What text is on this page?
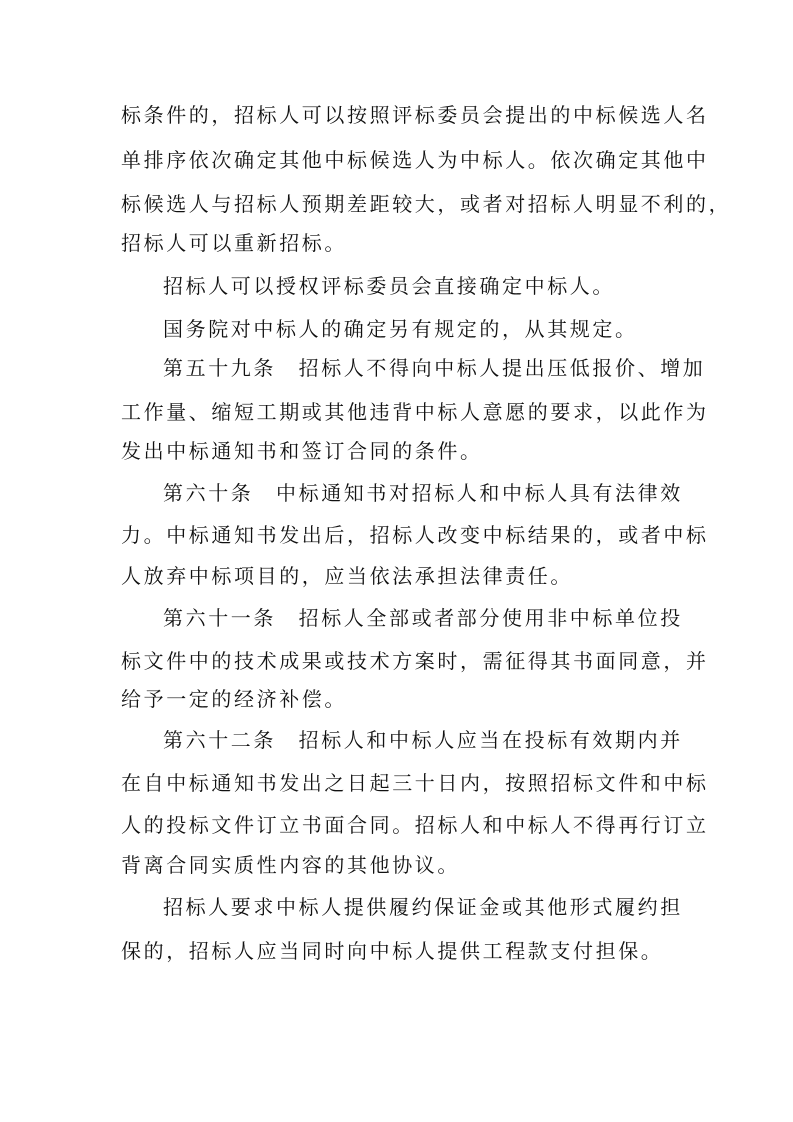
标条件的，招标人可以按照评标委员会提出的中标候选人名
单排序依次确定其他中标候选人为中标人。依次确定其他中
标候选人与招标人预期差距较大，或者对招标人明显不利的，
招标人可以重新招标。
招标人可以授权评标委员会直接确定中标人。
国务院对中标人的确定另有规定的，从其规定。
第五十九条　招标人不得向中标人提出压低报价、增加
工作量、缩短工期或其他违背中标人意愿的要求，以此作为
发出中标通知书和签订合同的条件。
第六十条　中标通知书对招标人和中标人具有法律效
力。中标通知书发出后，招标人改变中标结果的，或者中标
人放弃中标项目的，应当依法承担法律责任。
第六十一条　招标人全部或者部分使用非中标单位投
标文件中的技术成果或技术方案时，需征得其书面同意，并
给予一定的经济补偿。
第六十二条　招标人和中标人应当在投标有效期内并
在自中标通知书发出之日起三十日内，按照招标文件和中标
人的投标文件订立书面合同。招标人和中标人不得再行订立
背离合同实质性内容的其他协议。
招标人要求中标人提供履约保证金或其他形式履约担
保的，招标人应当同时向中标人提供工程款支付担保。
